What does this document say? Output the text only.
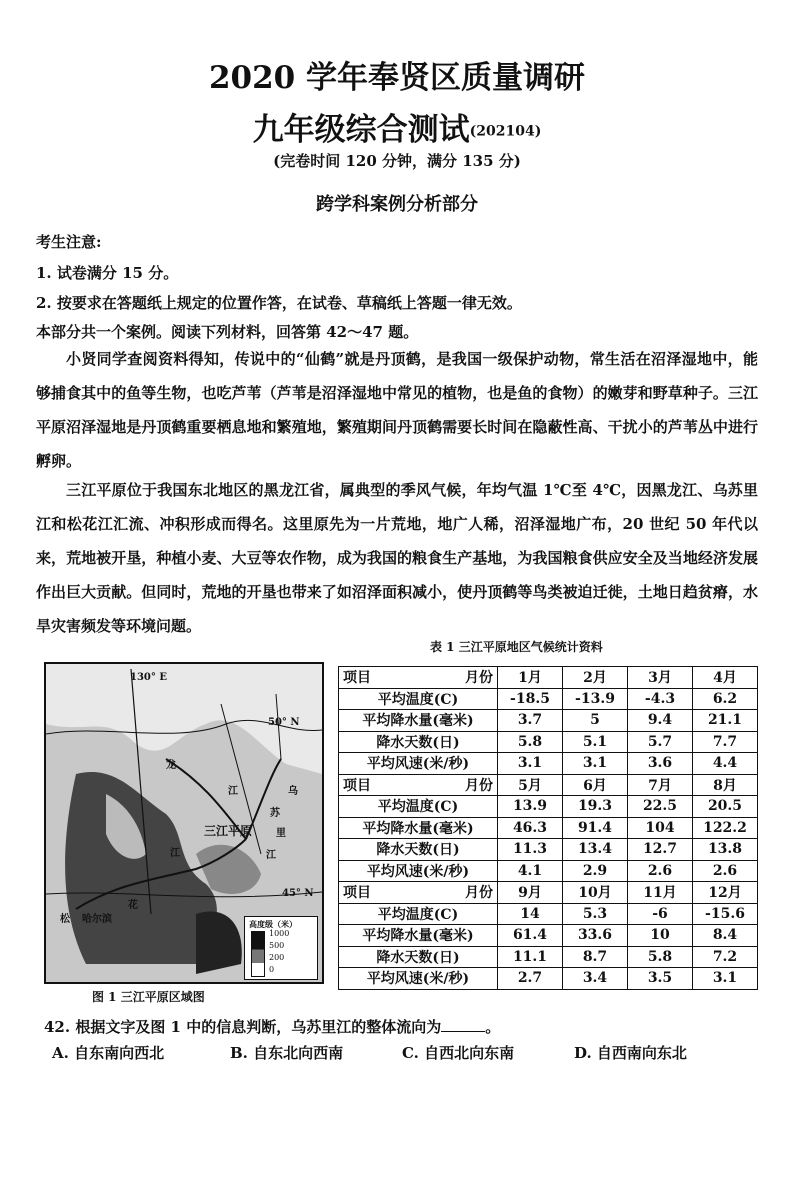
2020 学年奉贤区质量调研
九年级综合测试(202104)
(完卷时间 120 分钟，满分 135 分)
跨学科案例分析部分
考生注意:
1. 试卷满分 15 分。
2. 按要求在答题纸上规定的位置作答，在试卷、草稿纸上答题一律无效。
本部分共一个案例。阅读下列材料，回答第 42～47 题。

小贤同学查阅资料得知，传说中的“仙鹤”就是丹顶鹤，是我国一级保护动物，常生活在沼泽湿地中，能够捕食其中的鱼等生物，也吃芦苇（芦苇是沼泽湿地中常见的植物，也是鱼的食物）的嫩芽和野草种子。三江平原沼泽湿地是丹顶鹤重要栖息地和繁殖地，繁殖期间丹顶鹤需要长时间在隐蔽性高、干扰小的芦苇丛中进行孵卵。

三江平原位于我国东北地区的黑龙江省，属典型的季风气候，年均气温 1℃至 4℃，因黑龙江、乌苏里江和松花江汇流、冲积形成而得名。这里原先为一片荒地，地广人稀，沼泽湿地广布，20 世纪 50 年代以来，荒地被开垦，种植小麦、大豆等农作物，成为我国的粮食生产基地，为我国粮食供应安全及当地经济发展作出巨大贡献。但同时，荒地的开垦也带来了如沼泽面积减小，使丹顶鹤等鸟类被迫迁徙，土地日趋贫瘠，水旱灾害频发等环境问题。

130° E
50° N
45° N
龙
江	乌
苏
里
江
松
花
江
三江平原
哈尔滨	高度级（米）
1000
500
200
0
图 1 三江平原区域图
表 1 三江平原地区气候统计资料
项目 月份	1月	2月	3月	4月
平均温度(C)	-18.5	-13.9	-4.3	6.2
平均降水量(毫米)	3.7	5	9.4	21.1
降水天数(日)	5.8	5.1	5.7	7.7
平均风速(米/秒)	3.1	3.1	3.6	4.4

项目 月份	5月	6月	7月	8月
平均温度(C)	13.9	19.3	22.5	20.5
平均降水量(毫米)	46.3	91.4	104	122.2
降水天数(日)	11.3	13.4	12.7	13.8
平均风速(米/秒)	4.1	2.9	2.6	2.6

项目 月份	9月	10月	11月	12月
平均温度(C)	14	5.3	-6	-15.6
平均降水量(毫米)	61.4	33.6	10	8.4
降水天数(日)	11.1	8.7	5.8	7.2
平均风速(米/秒)	2.7	3.4	3.5	3.1
42. 根据文字及图 1 中的信息判断，乌苏里江的整体流向为	。
A. 自东南向西北	B. 自东北向西南	C. 自西北向东南	D. 自西南向东北
